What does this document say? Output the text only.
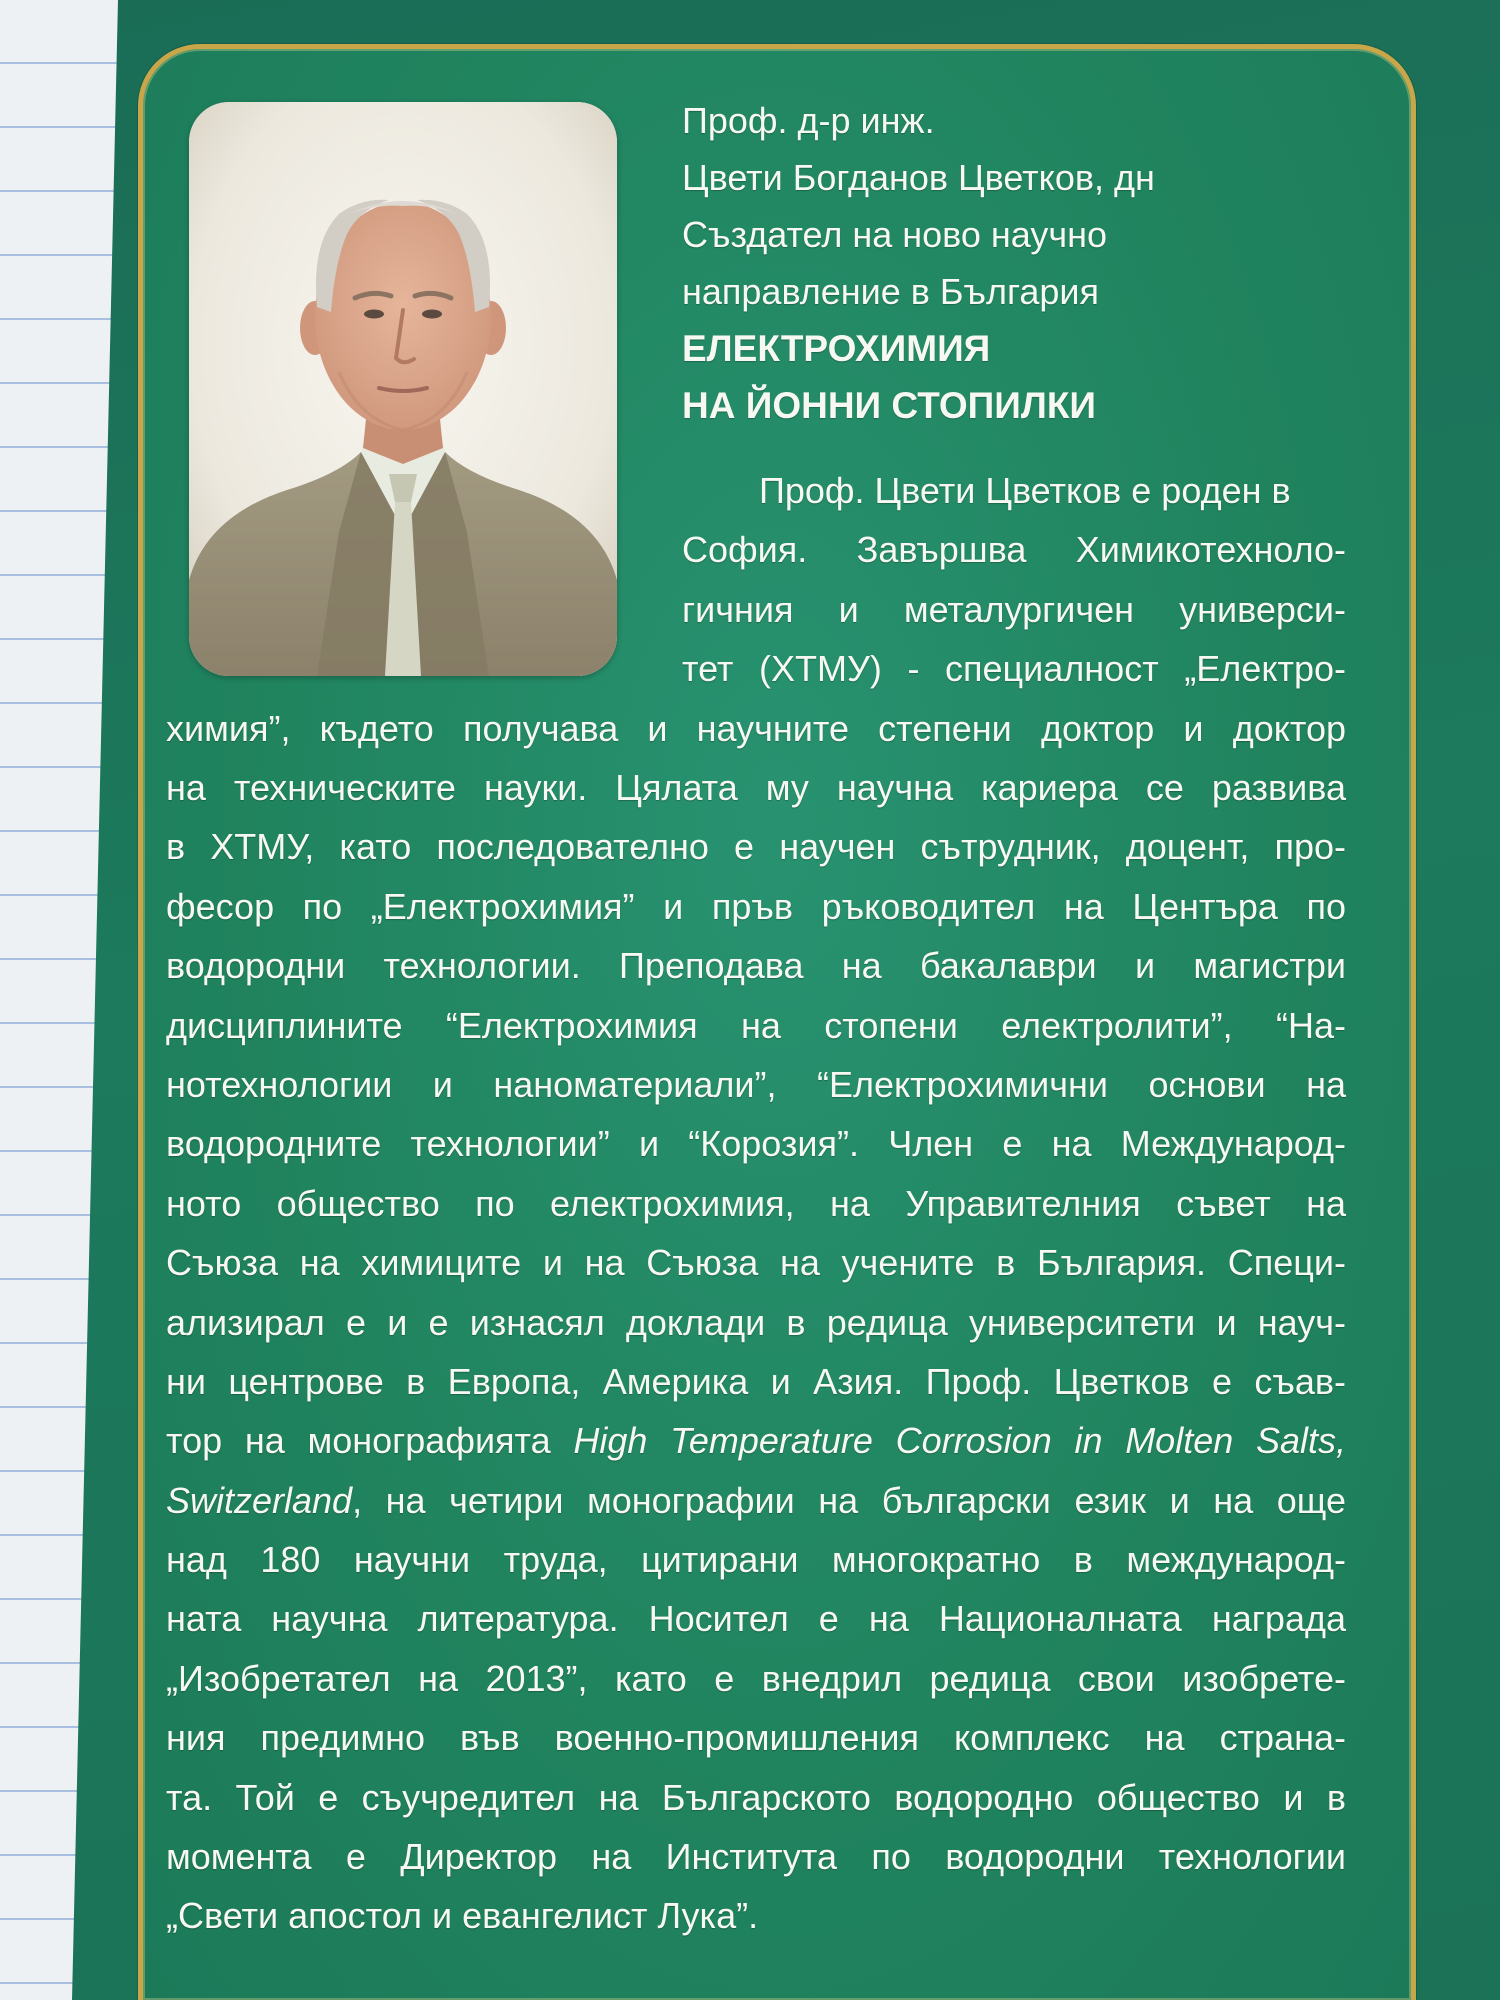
Проф. д-р инж.
Цвети Богданов Цветков, дн
Създател на ново научно
направление в България
ЕЛЕКТРОХИМИЯ
НА ЙОННИ СТОПИЛКИ
Проф. Цвети Цветков е роден в
София. Завършва Химикотехноло-
гичния и металургичен универси-
тет (ХТМУ) - специалност „Електро-
химия”, където получава и научните степени доктор и доктор
на техническите науки. Цялата му научна кариера се развива
в ХТМУ, като последователно е научен сътрудник, доцент, про-
фесор по „Електрохимия” и пръв ръководител на Центъра по
водородни технологии. Преподава на бакалаври и магистри
дисциплините “Електрохимия на стопени електролити”, “На-
нотехнологии и наноматериали”, “Електрохимични основи на
водородните технологии” и “Корозия”. Член е на Международ-
ното общество по електрохимия, на Управителния съвет на
Съюза на химиците и на Съюза на учените в България. Специ-
ализирал е и е изнасял доклади в редица университети и науч-
ни центрове в Европа, Америка и Азия. Проф. Цветков е съав-
тор на монографията High Temperature Corrosion in Molten Salts,
Switzerland, на четири монографии на български език и на още
над 180 научни труда, цитирани многократно в международ-
ната научна литература. Носител е на Националната награда
„Изобретател на 2013”, като е внедрил редица свои изобрете-
ния предимно във военно-промишления комплекс на страна-
та. Той е съучредител на Българското водородно общество и в
момента е Директор на Института по водородни технологии
„Свети апостол и евангелист Лука”.
